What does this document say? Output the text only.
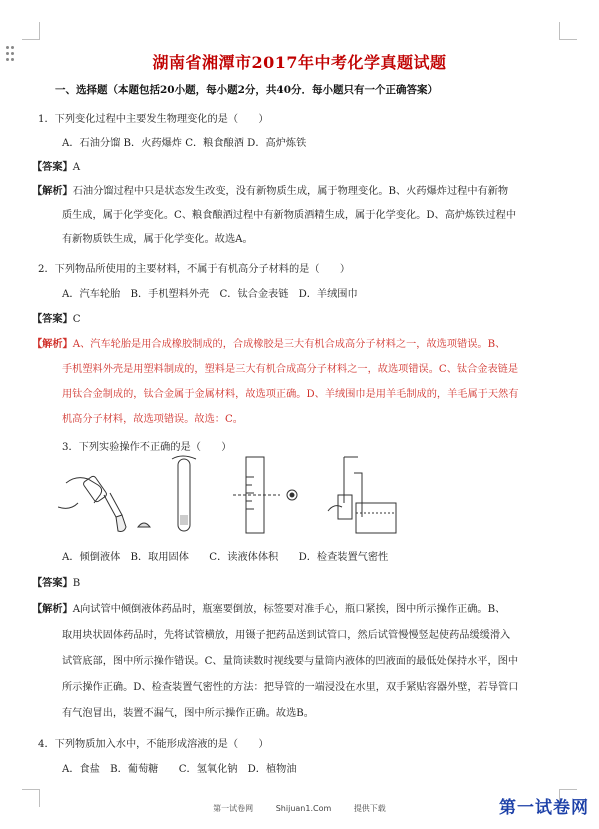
湖南省湘潭市2017年中考化学真题试题
一、选择题（本题包括20小题，每小题2分，共40分．每小题只有一个正确答案）
1．下列变化过程中主要发生物理变化的是（　　）
A．石油分馏 B．火药爆炸 C．粮食酿酒 D．高炉炼铁
【答案】A
【解析】石油分馏过程中只是状态发生改变，没有新物质生成，属于物理变化。B、火药爆炸过程中有新物
质生成，属于化学变化。C、粮食酿酒过程中有新物质酒精生成，属于化学变化。D、高炉炼铁过程中
有新物质铁生成，属于化学变化。故选A。
2．下列物品所使用的主要材料，不属于有机高分子材料的是（　　）
A．汽车轮胎　B．手机塑料外壳　C．钛合金表链　D．羊绒围巾
【答案】C
【解析】A、汽车轮胎是用合成橡胶制成的，合成橡胶是三大有机合成高分子材料之一，故选项错误。B、
手机塑料外壳是用塑料制成的，塑料是三大有机合成高分子材料之一，故选项错误。C、钛合金表链是
用钛合金制成的，钛合金属于金属材料，故选项正确。D、羊绒围巾是用羊毛制成的，羊毛属于天然有
机高分子材料，故选项错误。故选：C。
3．下列实验操作不正确的是（　　）
A．倾倒液体　B．取用固体　　C．读液体体积　　D．检查装置气密性
【答案】B
【解析】A向试管中倾倒液体药品时，瓶塞要倒放，标签要对准手心，瓶口紧挨，图中所示操作正确。B、
取用块状固体药品时，先将试管横放，用镊子把药品送到试管口，然后试管慢慢竖起使药品缓缓滑入
试管底部，图中所示操作错误。C、量筒读数时视线要与量筒内液体的凹液面的最低处保持水平，图中
所示操作正确。D、检查装置气密性的方法：把导管的一端浸没在水里，双手紧贴容器外壁，若导管口
有气泡冒出，装置不漏气，图中所示操作正确。故选B。
4．下列物质加入水中，不能形成溶液的是（　　）
A．食盐　B．葡萄糖　　C．氢氧化钠　D．植物油
第一试卷网	Shijuan1.Com	提供下载	第一试卷网
